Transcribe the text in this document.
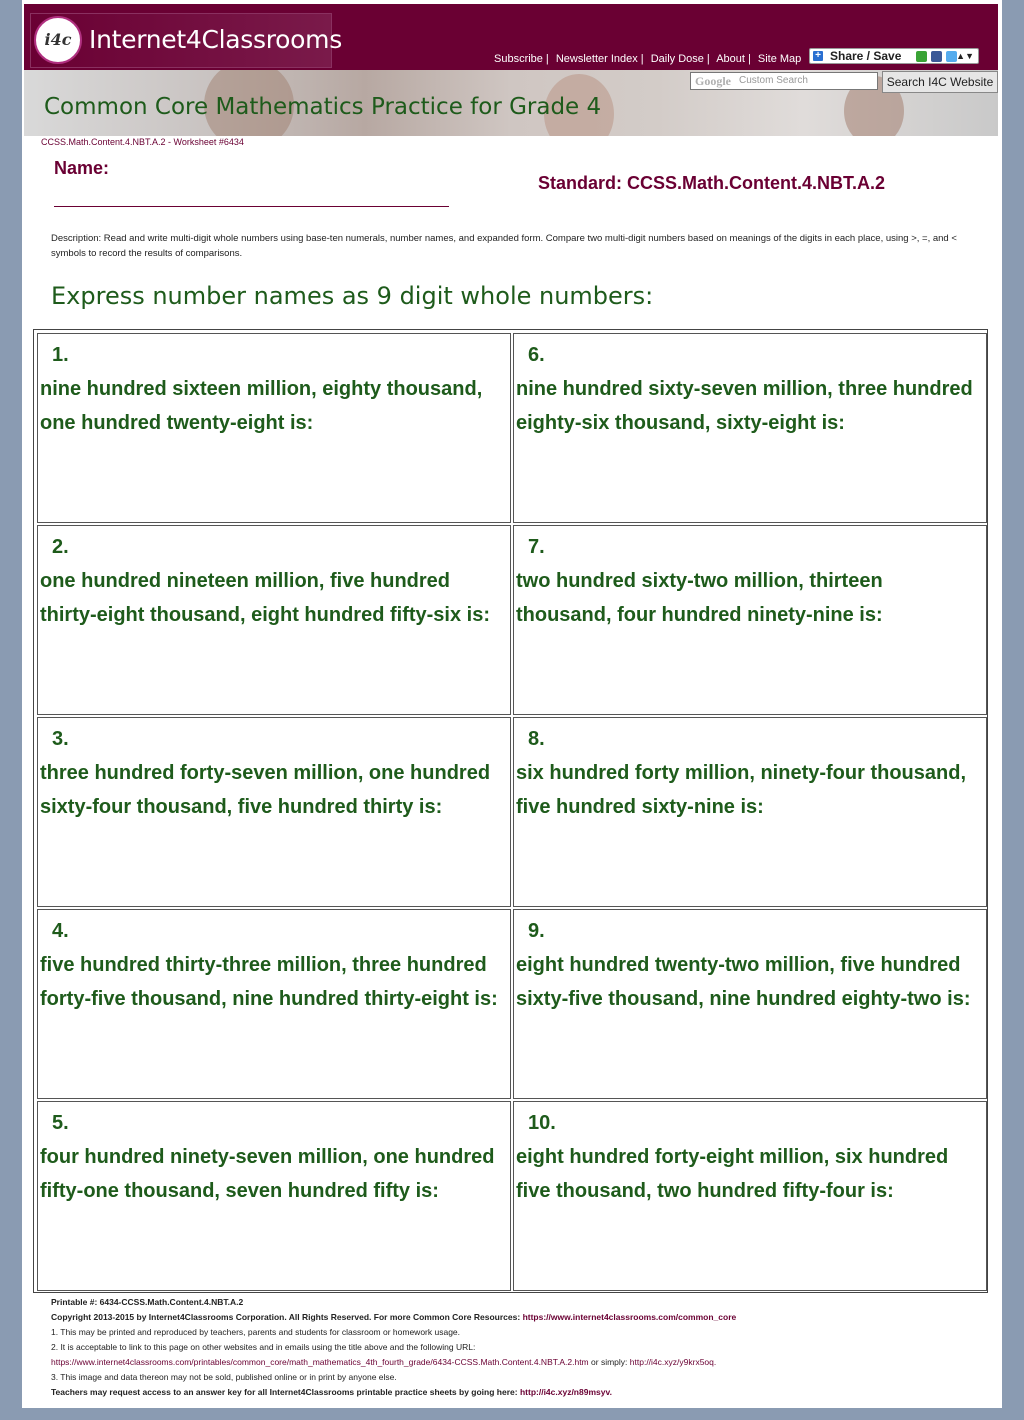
i4c Internet4Classrooms
Subscribe | Newsletter Index | Daily Dose | About | Site Map + Share / Save	▲▼
Google Custom Search	Search I4C Website
Common Core Mathematics Practice for Grade 4
CCSS.Math.Content.4.NBT.A.2 - Worksheet #6434
Name:
Standard: CCSS.Math.Content.4.NBT.A.2
Description: Read and write multi-digit whole numbers using base-ten numerals, number names, and expanded form. Compare two multi-digit numbers based on meanings of the digits in each place, using >, =, and < symbols to record the results of comparisons.
Express number names as 9 digit whole numbers:
1.
nine hundred sixteen million, eighty thousand, one hundred twenty-eight is:
6.
nine hundred sixty-seven million, three hundred eighty-six thousand, sixty-eight is:
2.
one hundred nineteen million, five hundred thirty-eight thousand, eight hundred fifty-six is:
7.
two hundred sixty-two million, thirteen thousand, four hundred ninety-nine is:
3.
three hundred forty-seven million, one hundred sixty-four thousand, five hundred thirty is:
8.
six hundred forty million, ninety-four thousand, five hundred sixty-nine is:
4.
five hundred thirty-three million, three hundred forty-five thousand, nine hundred thirty-eight is:
9.
eight hundred twenty-two million, five hundred sixty-five thousand, nine hundred eighty-two is:
5.
four hundred ninety-seven million, one hundred fifty-one thousand, seven hundred fifty is:
10.
eight hundred forty-eight million, six hundred five thousand, two hundred fifty-four is:
Printable #: 6434-CCSS.Math.Content.4.NBT.A.2
Copyright 2013-2015 by Internet4Classrooms Corporation. All Rights Reserved. For more Common Core Resources: https://www.internet4classrooms.com/common_core
1. This may be printed and reproduced by teachers, parents and students for classroom or homework usage.
2. It is acceptable to link to this page on other websites and in emails using the title above and the following URL:
https://www.internet4classrooms.com/printables/common_core/math_mathematics_4th_fourth_grade/6434-CCSS.Math.Content.4.NBT.A.2.htm or simply: http://i4c.xyz/y9krx5oq.
3. This image and data thereon may not be sold, published online or in print by anyone else.
Teachers may request access to an answer key for all Internet4Classrooms printable practice sheets by going here: http://i4c.xyz/n89msyv.
